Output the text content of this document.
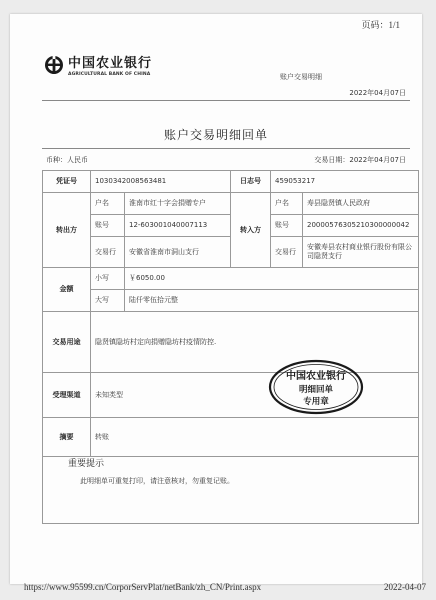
页码：1/1
中国农业银行
AGRICULTURAL BANK OF CHINA	账户交易明细
2022年04月07日
账户交易明细回单
币种：人民币	交易日期：2022年04月07日
凭证号	1030342008563481		日志号	459053217	
转出方	户名	淮南市红十字会捐赠专户	转入方	户名	寿县隐贤镇人民政府
	账号	12-603001040007113		账号	20000576305210300000042
	交易行	安徽省淮南市洞山支行		交易行	安徽寿县农村商业银行股份有限公司隐贤支行
金额	小写	￥6050.00			
	大写	陆仟零伍拾元整			
交易用途	隐贤镇隐坊村定向捐赠隐坊村疫情防控.				
受理渠道	未知类型				
摘要	转账				

中国农业银行
明细回单
专用章
重要提示
此明细单可重复打印，请注意核对，勿重复记账。
https://www.95599.cn/CorporServPlat/netBank/zh_CN/Print.aspx	2022-04-07
